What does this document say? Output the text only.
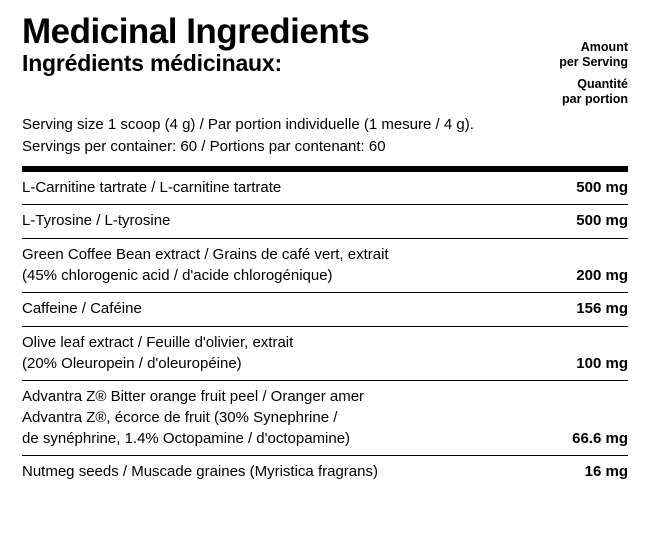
Medicinal Ingredients
Ingrédients médicinaux:
Amount
per Serving
Quantité
par portion
Serving size 1 scoop (4 g) / Par portion individuelle (1 mesure / 4 g).
Servings per container: 60 / Portions par contenant: 60
L-Carnitine tartrate / L-carnitine tartrate	500 mg

L-Tyrosine / L-tyrosine	500 mg

Green Coffee Bean extract / Grains de café vert, extrait
(45% chlorogenic acid / d'acide chlorogénique)	200 mg

Caffeine / Caféine	156 mg

Olive leaf extract / Feuille d'olivier, extrait
(20% Oleuropein / d'oleuropéine)	100 mg

Advantra Z® Bitter orange fruit peel / Oranger amer
Advantra Z®, écorce de fruit (30% Synephrine /
de synéphrine, 1.4% Octopamine / d'octopamine)	66.6 mg

Nutmeg seeds / Muscade graines (Myristica fragrans)	16 mg
